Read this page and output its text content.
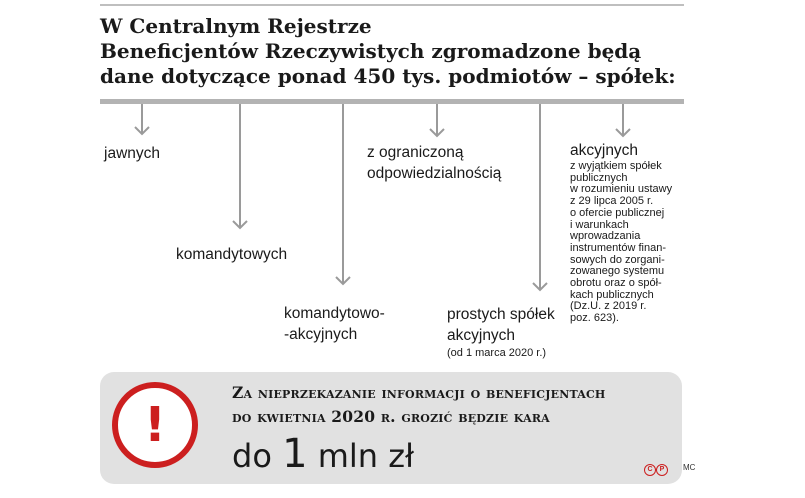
W Centralnym Rejestrze
Beneficjentów Rzeczywistych zgromadzone będą
dane dotyczące ponad 450 tys. podmiotów – spółek:
jawnych
komandytowych
komandytowo-
-akcyjnych
z ograniczoną
odpowiedzialnością
prostych spółek
akcyjnych
(od 1 marca 2020 r.)
akcyjnych
z wyjątkiem spółek
publicznych
w rozumieniu ustawy
z 29 lipca 2005 r.
o ofercie publicznej
i warunkach
wprowadzania
instrumentów finan-
sowych do zorgani-
zowanego systemu
obrotu oraz o spół-
kach publicznych
(Dz.U. z 2019 r.
poz. 623).
!
Za nieprzekazanie informacji o beneficjentach
do kwietnia 2020 r. grozić będzie kara
do 1 mln zł	C P	MC
